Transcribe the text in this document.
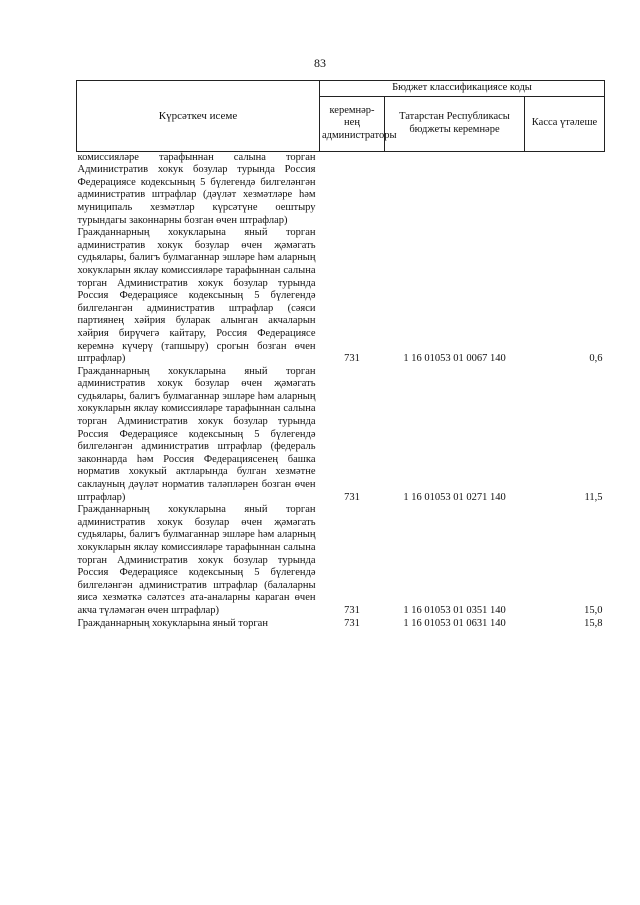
83
Күрсәткеч исеме	Бюджет классификациясе коды		
	керемнәр-нең администраторы	Татарстан Республикасы бюджеты керемнәре	Касса үтәлеше
комиссияләре тарафыннан салына торган Административ хокук бозулар турында Россия Федерациясе кодексының 5 бүлегендә билгеләнгән административ штрафлар (дәүләт хезмәтләре һәм муниципаль хезмәтләр күрсәтүне оештыру турындагы законнарны бозган өчен штрафлар)			
Гражданнарның хокукларына яный торган административ хокук бозулар өчен җәмәгать судьялары, балигъ булмаганнар эшләре һәм аларның хокукларын яклау комиссияләре тарафыннан салына торган Административ хокук бозулар турында Россия Федерациясе кодексының 5 бүлегендә билгеләнгән административ штрафлар (сәяси партиянең хәйрия буларак алынган акчаларын хәйрия бирүчегә кайтару, Россия Федерациясе керемнә күчерү (тапшыру) срогын бозган өчен штрафлар)	731	1 16 01053 01 0067 140	0,6
Гражданнарның хокукларына яный торган административ хокук бозулар өчен җәмәгать судьялары, балигъ булмаганнар эшләре һәм аларның хокукларын яклау комиссияләре тарафыннан салына торган Административ хокук бозулар турында Россия Федерациясе кодексының 5 бүлегендә билгеләнгән административ штрафлар (федераль законнарда һәм Россия Федерациясенең башка норматив хокукый актларында булган хезмәтне саклауның дәүләт норматив таләпләрен бозган өчен штрафлар)	731	1 16 01053 01 0271 140	11,5
Гражданнарның хокукларына яный торган административ хокук бозулар өчен җәмәгать судьялары, балигъ булмаганнар эшләре һәм аларның хокукларын яклау комиссияләре тарафыннан салына торган Административ хокук бозулар турында Россия Федерациясе кодексының 5 бүлегендә билгеләнгән административ штрафлар (балаларны яисә хезмәткә сәләтсез ата-аналарны караган өчен акча түләмәгән өчен штрафлар)	731	1 16 01053 01 0351 140	15,0
Гражданнарның хокукларына яный торган	731	1 16 01053 01 0631 140	15,8
